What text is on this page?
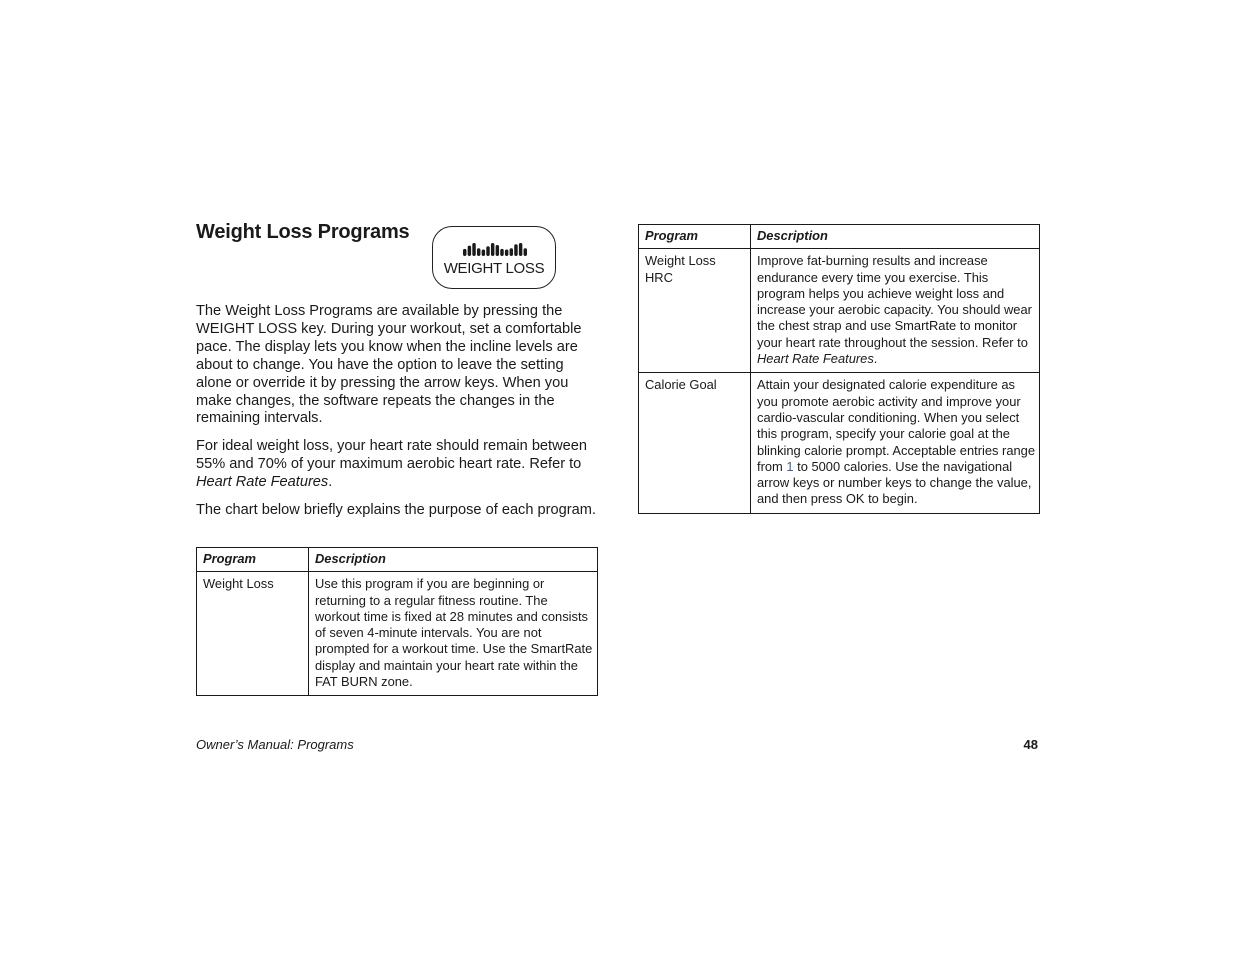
Weight Loss Programs
WEIGHT LOSS

The Weight Loss Programs are available by pressing the WEIGHT LOSS key. During your workout, set a comfortable pace. The display lets you know when the incline levels are about to change. You have the option to leave the setting alone or override it by pressing the arrow keys. When you make changes, the software repeats the changes in the remaining intervals.

For ideal weight loss, your heart rate should remain between 55% and 70% of your maximum aerobic heart rate. Refer to Heart Rate Features.

The chart below briefly explains the purpose of each program.

Program	Description
Weight Loss	Use this program if you are beginning or returning to a regular fitness routine. The workout time is fixed at 28 minutes and consists of seven 4-minute intervals. You are not prompted for a workout time. Use the SmartRate display and maintain your heart rate within the FAT BURN zone.
Program	Description
Weight Loss HRC	Improve fat-burning results and increase endurance every time you exercise. This program helps you achieve weight loss and increase your aerobic capacity. You should wear the chest strap and use SmartRate to monitor your heart rate throughout the session. Refer to Heart Rate Features.
Calorie Goal	Attain your designated calorie expenditure as you promote aerobic activity and improve your cardio-vascular conditioning. When you select this program, specify your calorie goal at the blinking calorie prompt. Acceptable entries range from 1 to 5000 calories. Use the navigational arrow keys or number keys to change the value, and then press OK to begin.
Owner’s Manual: Programs	48
